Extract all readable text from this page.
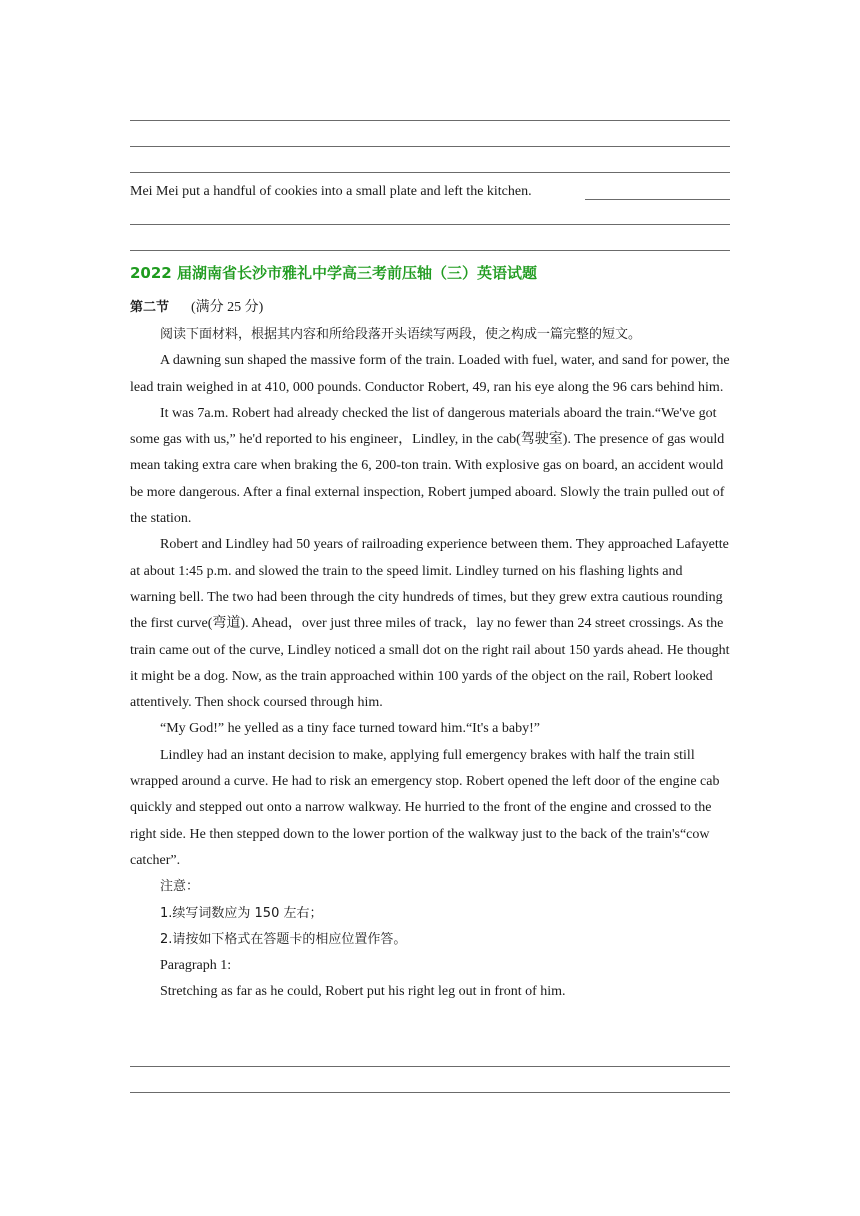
Mei Mei put a handful of cookies into a small plate and left the kitchen.
2022 届湖南省长沙市雅礼中学高三考前压轴（三）英语试题
第二节 (满分 25 分)

阅读下面材料，根据其内容和所给段落开头语续写两段，使之构成一篇完整的短文。

A dawning sun shaped the massive form of the train. Loaded with fuel, water, and sand for power, the lead train weighed in at 410, 000 pounds. Conductor Robert, 49, ran his eye along the 96 cars behind him.

It was 7a.m. Robert had already checked the list of dangerous materials aboard the train.“We've got some gas with us,” he'd reported to his engineer，Lindley, in the cab(驾驶室). The presence of gas would mean taking extra care when braking the 6, 200-ton train. With explosive gas on board, an accident would be more dangerous. After a final external inspection, Robert jumped aboard. Slowly the train pulled out of the station.

Robert and Lindley had 50 years of railroading experience between them. They approached Lafayette at about 1:45 p.m. and slowed the train to the speed limit. Lindley turned on his flashing lights and warning bell. The two had been through the city hundreds of times, but they grew extra cautious rounding the first curve(弯道). Ahead，over just three miles of track，lay no fewer than 24 street crossings. As the train came out of the curve, Lindley noticed a small dot on the right rail about 150 yards ahead. He thought it might be a dog. Now, as the train approached within 100 yards of the object on the rail, Robert looked attentively. Then shock coursed through him.

“My God!” he yelled as a tiny face turned toward him.“It's a baby!”

Lindley had an instant decision to make, applying full emergency brakes with half the train still wrapped around a curve. He had to risk an emergency stop. Robert opened the left door of the engine cab quickly and stepped out onto a narrow walkway. He hurried to the front of the engine and crossed to the right side. He then stepped down to the lower portion of the walkway just to the back of the train's“cow catcher”.

注意：

1.续写词数应为 150 左右；

2.请按如下格式在答题卡的相应位置作答。

Paragraph 1:

Stretching as far as he could, Robert put his right leg out in front of him.
